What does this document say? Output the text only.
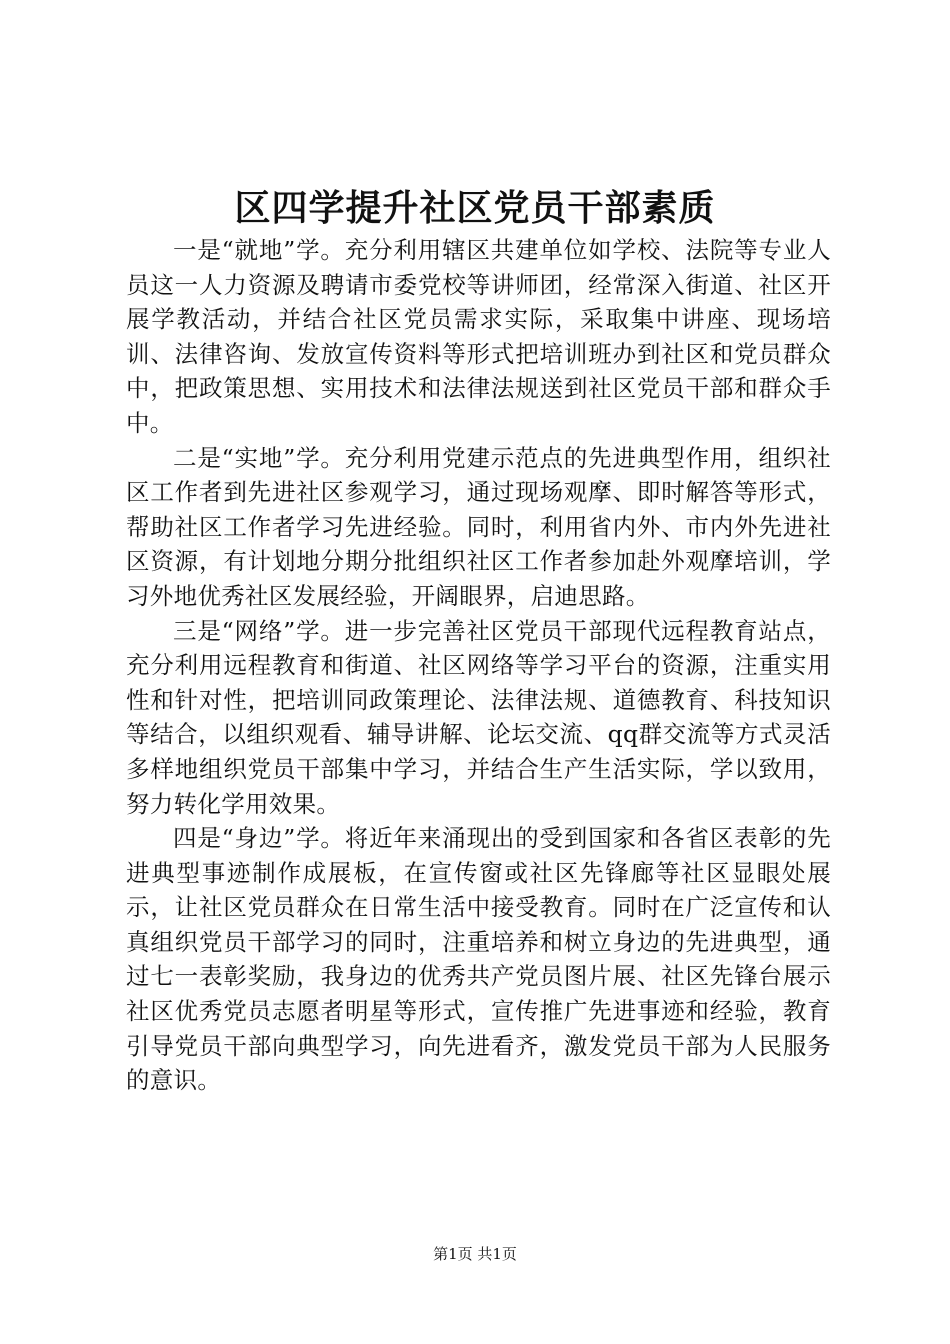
区四学提升社区党员干部素质

一是“就地”学。充分利用辖区共建单位如学校、法院等专业人员这一人力资源及聘请市委党校等讲师团，经常深入街道、社区开展学教活动，并结合社区党员需求实际，采取集中讲座、现场培训、法律咨询、发放宣传资料等形式把培训班办到社区和党员群众中，把政策思想、实用技术和法律法规送到社区党员干部和群众手中。

二是“实地”学。充分利用党建示范点的先进典型作用，组织社区工作者到先进社区参观学习，通过现场观摩、即时解答等形式，帮助社区工作者学习先进经验。同时，利用省内外、市内外先进社区资源，有计划地分期分批组织社区工作者参加赴外观摩培训，学习外地优秀社区发展经验，开阔眼界，启迪思路。

三是“网络”学。进一步完善社区党员干部现代远程教育站点，充分利用远程教育和街道、社区网络等学习平台的资源，注重实用性和针对性，把培训同政策理论、法律法规、道德教育、科技知识等结合，以组织观看、辅导讲解、论坛交流、qq群交流等方式灵活多样地组织党员干部集中学习，并结合生产生活实际，学以致用，努力转化学用效果。

四是“身边”学。将近年来涌现出的受到国家和各省区表彰的先进典型事迹制作成展板，在宣传窗或社区先锋廊等社区显眼处展示，让社区党员群众在日常生活中接受教育。同时在广泛宣传和认真组织党员干部学习的同时，注重培养和树立身边的先进典型，通过七一表彰奖励，我身边的优秀共产党员图片展、社区先锋台展示社区优秀党员志愿者明星等形式，宣传推广先进事迹和经验，教育引导党员干部向典型学习，向先进看齐，激发党员干部为人民服务的意识。

第1页 共1页
